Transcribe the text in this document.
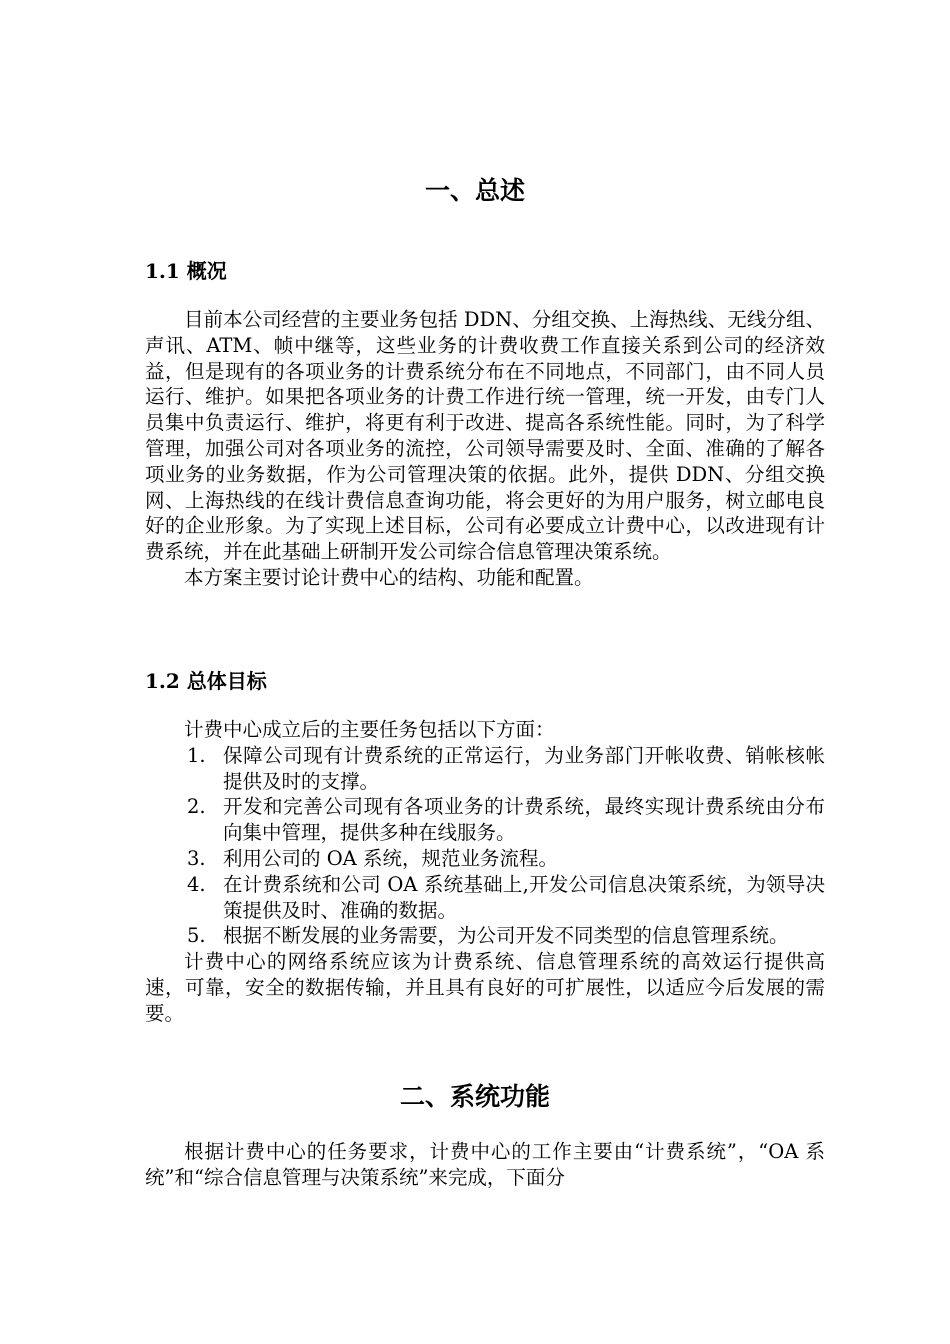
一、总述
1.1 概况

目前本公司经营的主要业务包括 DDN、分组交换、上海热线、无线分组、声讯、ATM、帧中继等，这些业务的计费收费工作直接关系到公司的经济效益，但是现有的各项业务的计费系统分布在不同地点，不同部门，由不同人员运行、维护。如果把各项业务的计费工作进行统一管理，统一开发，由专门人员集中负责运行、维护，将更有利于改进、提高各系统性能。同时，为了科学管理，加强公司对各项业务的流控，公司领导需要及时、全面、准确的了解各项业务的业务数据，作为公司管理决策的依据。此外，提供 DDN、分组交换网、上海热线的在线计费信息查询功能，将会更好的为用户服务，树立邮电良好的企业形象。为了实现上述目标，公司有必要成立计费中心，以改进现有计费系统，并在此基础上研制开发公司综合信息管理决策系统。

本方案主要讨论计费中心的结构、功能和配置。

1.2 总体目标

计费中心成立后的主要任务包括以下方面：

1. 保障公司现有计费系统的正常运行，为业务部门开帐收费、销帐核帐提供及时的支撑。
2. 开发和完善公司现有各项业务的计费系统，最终实现计费系统由分布向集中管理，提供多种在线服务。
3. 利用公司的 OA 系统，规范业务流程。
4. 在计费系统和公司 OA 系统基础上,开发公司信息决策系统，为领导决策提供及时、准确的数据。
5. 根据不断发展的业务需要，为公司开发不同类型的信息管理系统。

计费中心的网络系统应该为计费系统、信息管理系统的高效运行提供高速，可靠，安全的数据传输，并且具有良好的可扩展性，以适应今后发展的需要。

二、系统功能

根据计费中心的任务要求，计费中心的工作主要由“计费系统”，“OA 系统”和“综合信息管理与决策系统”来完成，下面分
